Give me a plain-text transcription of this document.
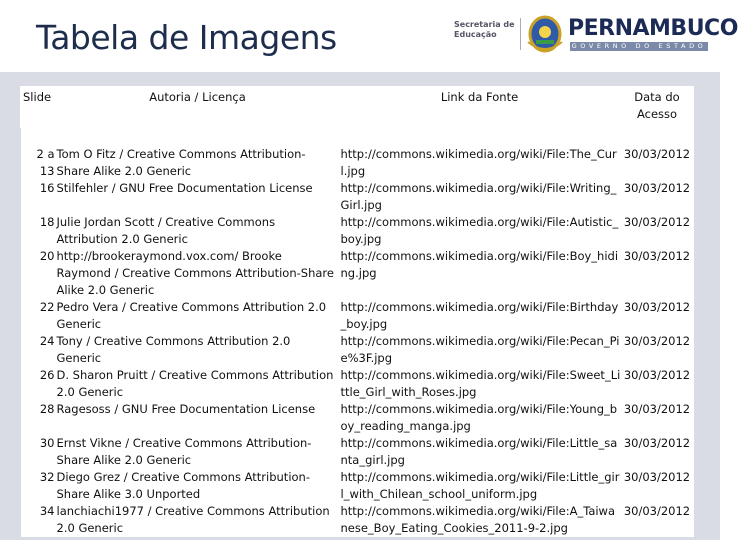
Tabela de Imagens	Secretaria de
Educação	PERNAMBUCO
GOVERNO DO ESTADO
Slide	Autoria / Licença	Link da Fonte	Data do Acesso

2 a 13	Tom O Fitz / Creative Commons Attribution-Share Alike 2.0 Generic	http://commons.wikimedia.org/wiki/File:The_Curl.jpg	30/03/2012
16	Stilfehler / GNU Free Documentation License	http://commons.wikimedia.org/wiki/File:Writing_Girl.jpg	30/03/2012
18	Julie Jordan Scott / Creative Commons Attribution 2.0 Generic	http://commons.wikimedia.org/wiki/File:Autistic_boy.jpg	30/03/2012
20	http://brookeraymond.vox.com/ Brooke Raymond / Creative Commons Attribution-Share Alike 2.0 Generic	http://commons.wikimedia.org/wiki/File:Boy_hiding.jpg	30/03/2012
22	Pedro Vera / Creative Commons Attribution 2.0 Generic	http://commons.wikimedia.org/wiki/File:Birthday_boy.jpg	30/03/2012
24	Tony / Creative Commons Attribution 2.0 Generic	http://commons.wikimedia.org/wiki/File:Pecan_Pie%3F.jpg	30/03/2012
26	D. Sharon Pruitt / Creative Commons Attribution 2.0 Generic	http://commons.wikimedia.org/wiki/File:Sweet_Little_Girl_with_Roses.jpg	30/03/2012
28	Ragesoss / GNU Free Documentation License	http://commons.wikimedia.org/wiki/File:Young_boy_reading_manga.jpg	30/03/2012
30	Ernst Vikne / Creative Commons Attribution-Share Alike 2.0 Generic	http://commons.wikimedia.org/wiki/File:Little_santa_girl.jpg	30/03/2012
32	Diego Grez / Creative Commons Attribution-Share Alike 3.0 Unported	http://commons.wikimedia.org/wiki/File:Little_girl_with_Chilean_school_uniform.jpg	30/03/2012
34	lanchiachi1977 / Creative Commons Attribution 2.0 Generic	http://commons.wikimedia.org/wiki/File:A_Taiwanese_Boy_Eating_Cookies_2011-9-2.jpg	30/03/2012
